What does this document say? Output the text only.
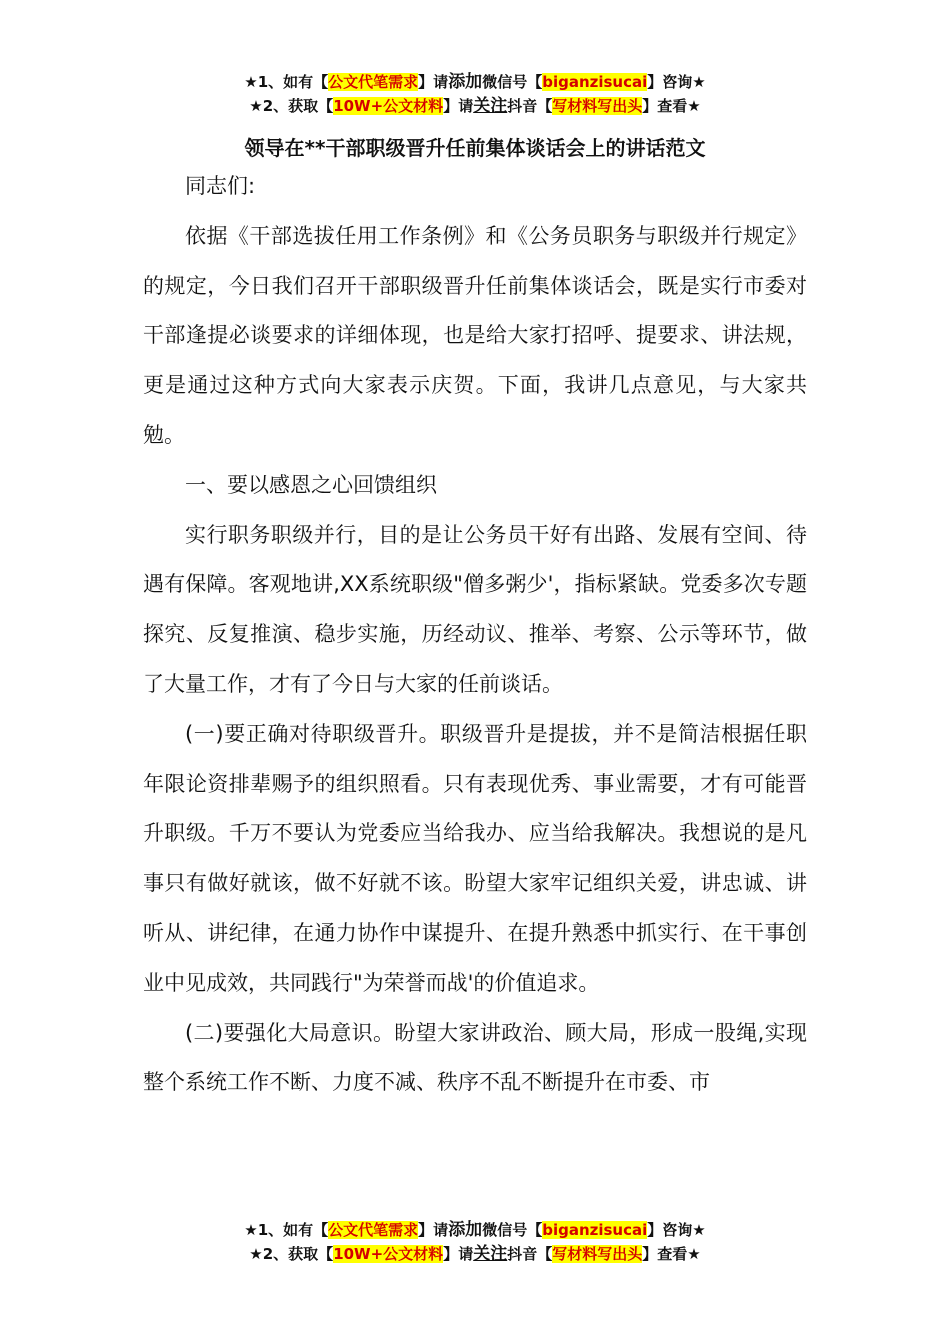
★1、如有【公文代笔需求】请添加微信号【biganzisucai】咨询★
★2、获取【10W+公文材料】请关注抖音【写材料写出头】查看★
领导在**干部职级晋升任前集体谈话会上的讲话范文

同志们:

依据《干部选拔任用工作条例》和《公务员职务与职级并行规定》的规定，今日我们召开干部职级晋升任前集体谈话会，既是实行市委对干部逢提必谈要求的详细体现，也是给大家打招呼、提要求、讲法规，更是通过这种方式向大家表示庆贺。下面，我讲几点意见，与大家共勉。

一、要以感恩之心回馈组织

实行职务职级并行，目的是让公务员干好有出路、发展有空间、待遇有保障。客观地讲,XX系统职级"僧多粥少'，指标紧缺。党委多次专题探究、反复推演、稳步实施，历经动议、推举、考察、公示等环节，做了大量工作，才有了今日与大家的任前谈话。

(一)要正确对待职级晋升。职级晋升是提拔，并不是简洁根据任职年限论资排辈赐予的组织照看。只有表现优秀、事业需要，才有可能晋升职级。千万不要认为党委应当给我办、应当给我解决。我想说的是凡事只有做好就该，做不好就不该。盼望大家牢记组织关爱，讲忠诚、讲听从、讲纪律，在通力协作中谋提升、在提升熟悉中抓实行、在干事创业中见成效，共同践行"为荣誉而战'的价值追求。

(二)要强化大局意识。盼望大家讲政治、顾大局，形成一股绳,实现整个系统工作不断、力度不减、秩序不乱不断提升在市委、市

★1、如有【公文代笔需求】请添加微信号【biganzisucai】咨询★
★2、获取【10W+公文材料】请关注抖音【写材料写出头】查看★
